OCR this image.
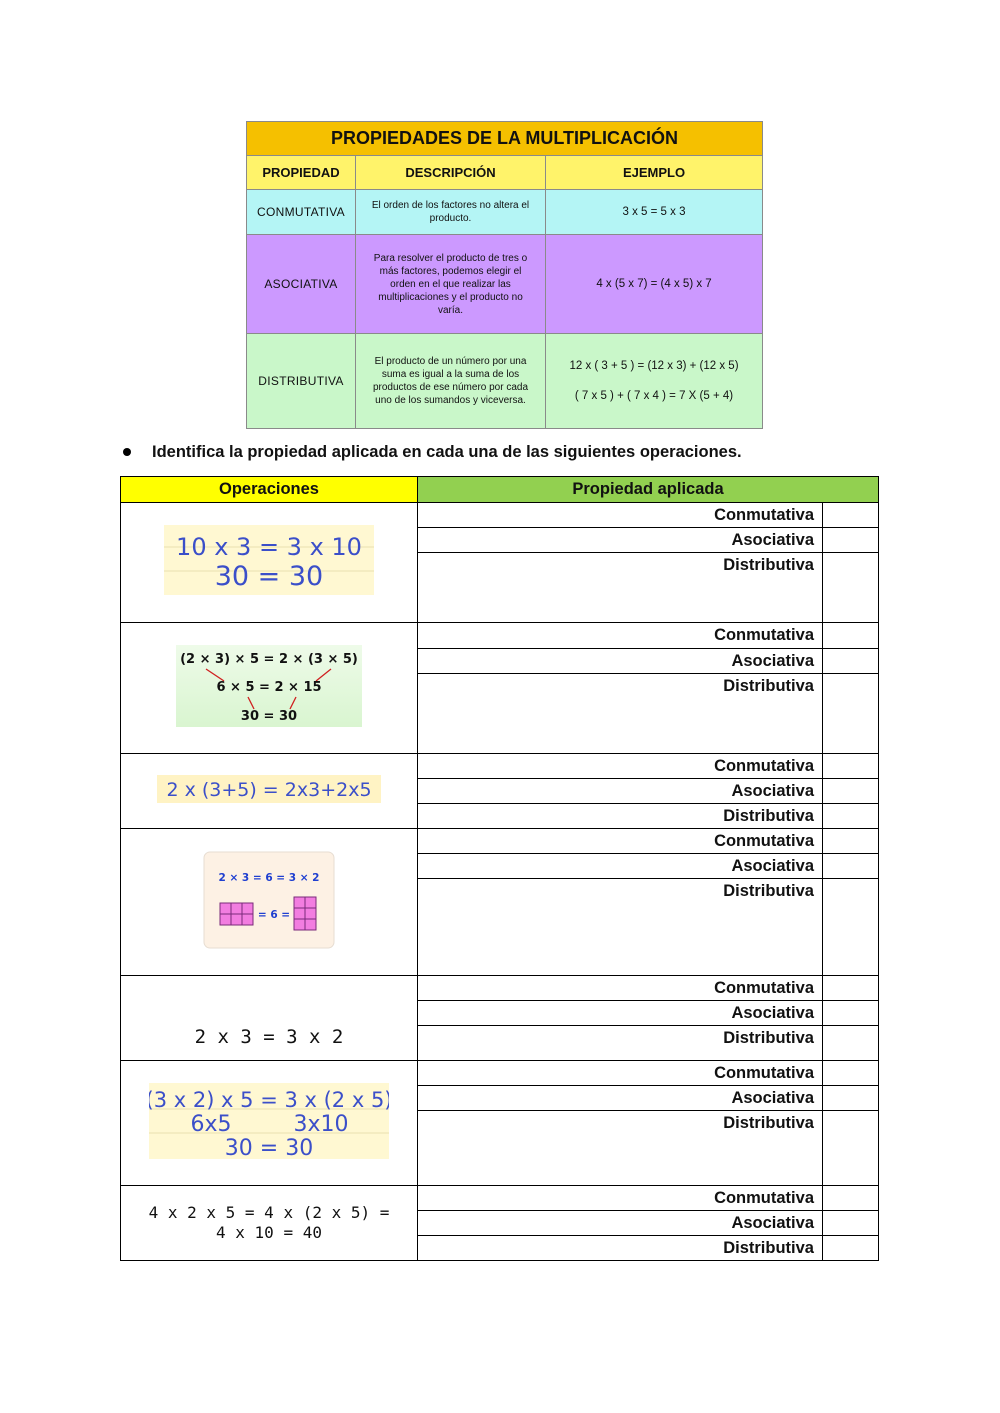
PROPIEDADES DE LA MULTIPLICACIÓN		
PROPIEDAD	DESCRIPCIÓN	EJEMPLO
CONMUTATIVA	El orden de los factores no altera el producto.	3 x 5 = 5 x 3

ASOCIATIVA	Para resolver el producto de tres o más factores, podemos elegir el orden en el que realizar las multiplicaciones y el producto no varía.	4 x (5 x 7) = (4 x 5) x 7

DISTRIBUTIVA	El producto de un número por una suma es igual a la suma de los productos de ese número por cada uno de los sumandos y viceversa.	12 x ( 3 + 5 ) = (12 x 3) + (12 x 5)
( 7 x 5 ) + ( 7 x 4 ) = 7 X (5 + 4)
Identifica la propiedad aplicada en cada una de las siguientes operaciones.
Operaciones	Propiedad aplicada	

10 x 3 = 3 x 10
30 = 30	Conmutativa	
	Asociativa	
	Distributiva	

(2 × 3) × 5 = 2 × (3 × 5)
6 × 5 = 2 × 15
30 = 30	Conmutativa	
	Asociativa	
	Distributiva	

2 x (3+5) = 2x3+2x5	Conmutativa	
	Asociativa	
	Distributiva	

2 × 3 = 6 = 3 × 2
= 6 =	Conmutativa	
	Asociativa	
	Distributiva	
2 x 3 = 3 x 2	Conmutativa	
	Asociativa	
	Distributiva	

(3 x 2) x 5 = 3 x (2 x 5)
6x5 3x10
30 = 30	Conmutativa	
	Asociativa	
	Distributiva	

4 x 2 x 5 = 4 x (2 x 5) =
4 x 10 = 40	Conmutativa	
	Asociativa	
	Distributiva	
